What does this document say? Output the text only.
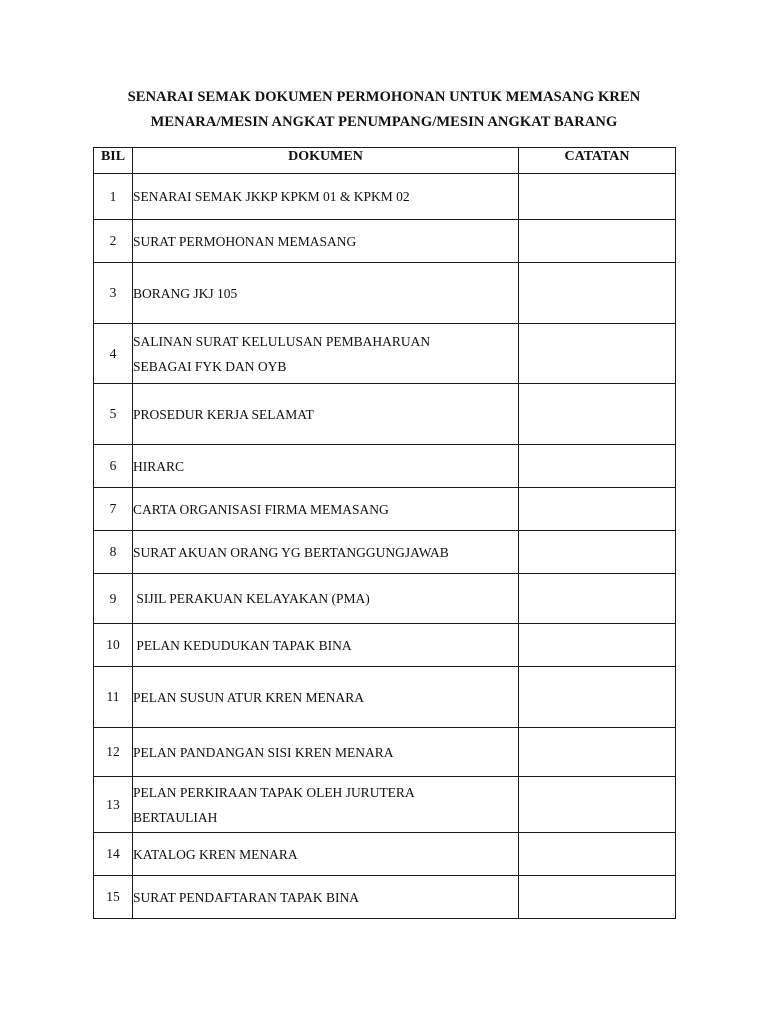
SENARAI SEMAK DOKUMEN PERMOHONAN UNTUK MEMASANG KREN
MENARA/MESIN ANGKAT PENUMPANG/MESIN ANGKAT BARANG
BIL	DOKUMEN	CATATAN
1	SENARAI SEMAK JKKP KPKM 01 & KPKM 02	
2	SURAT PERMOHONAN MEMASANG	
3	BORANG JKJ 105	
4	SALINAN SURAT KELULUSAN PEMBAHARUAN
SEBAGAI FYK DAN OYB	

5	PROSEDUR KERJA SELAMAT	
6	HIRARC	
7	CARTA ORGANISASI FIRMA MEMASANG	
8	SURAT AKUAN ORANG YG BERTANGGUNGJAWAB	
9	SIJIL PERAKUAN KELAYAKAN (PMA)	
10	PELAN KEDUDUKAN TAPAK BINA	
11	PELAN SUSUN ATUR KREN MENARA	
12	PELAN PANDANGAN SISI KREN MENARA	
13	PELAN PERKIRAAN TAPAK OLEH JURUTERA
BERTAULIAH	

14	KATALOG KREN MENARA	
15	SURAT PENDAFTARAN TAPAK BINA	
